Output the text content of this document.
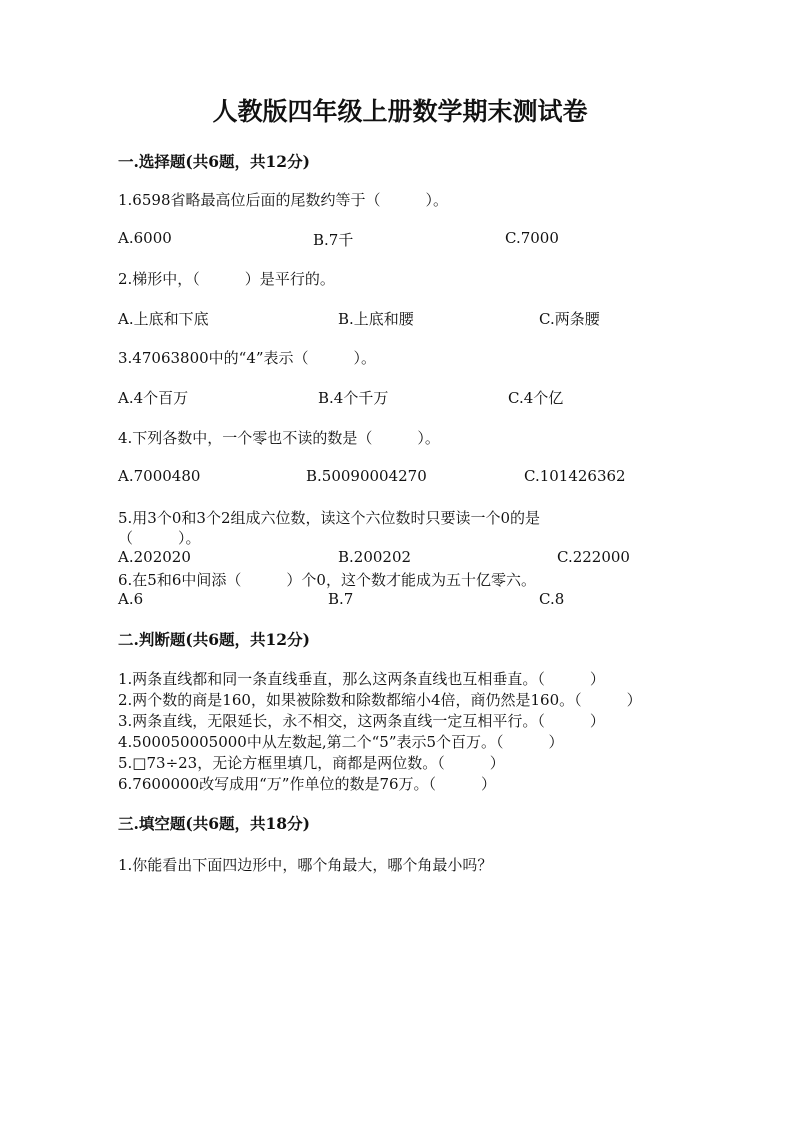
人教版四年级上册数学期末测试卷
一.选择题(共6题，共12分)
1.6598省略最高位后面的尾数约等于（　　　）。
A.6000	B.7千	C.7000
2.梯形中，（　　　）是平行的。
A.上底和下底	B.上底和腰	C.两条腰
3.47063800中的“4”表示（　　　）。
A.4个百万	B.4个千万	C.4个亿
4.下列各数中，一个零也不读的数是（　　　）。
A.7000480	B.50090004270	C.101426362
5.用3个0和3个2组成六位数，读这个六位数时只要读一个0的是
（　　　）。
A.202020	B.200202	C.222000
6.在5和6中间添（　　　）个0，这个数才能成为五十亿零六。
A.6	B.7	C.8
二.判断题(共6题，共12分)
1.两条直线都和同一条直线垂直，那么这两条直线也互相垂直。（　　　）
2.两个数的商是160，如果被除数和除数都缩小4倍，商仍然是160。（　　　）
3.两条直线，无限延长，永不相交，这两条直线一定互相平行。（　　　）
4.500050005000中从左数起,第二个“5”表示5个百万。（　　　）
5.□73÷23，无论方框里填几，商都是两位数。（　　　）
6.7600000改写成用“万”作单位的数是76万。（　　　）
三.填空题(共6题，共18分)
1.你能看出下面四边形中，哪个角最大，哪个角最小吗？
